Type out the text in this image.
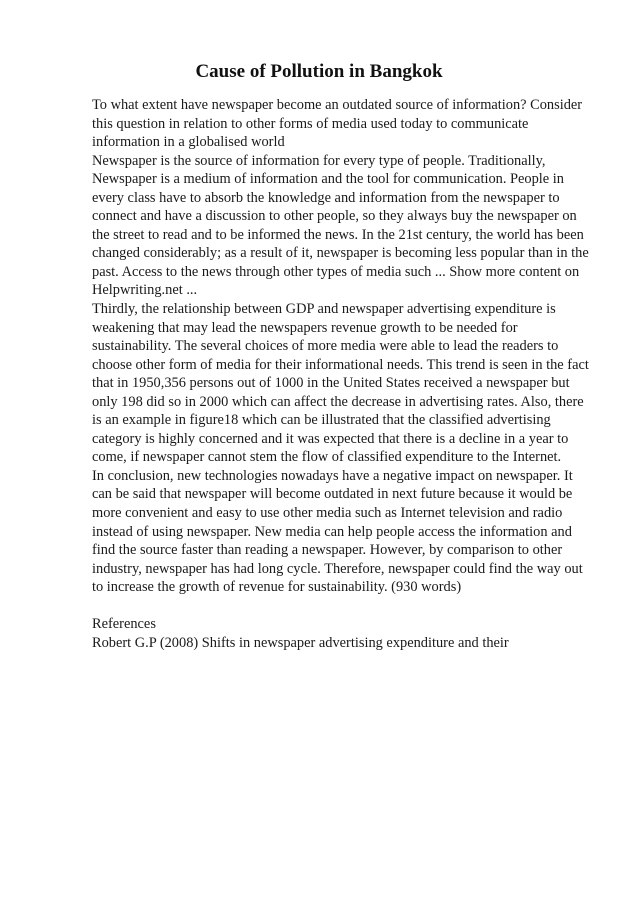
Cause of Pollution in Bangkok

To what extent have newspaper become an outdated source of information? Consider this question in relation to other forms of media used today to communicate information in a globalised world

Newspaper is the source of information for every type of people. Traditionally, Newspaper is a medium of information and the tool for communication. People in every class have to absorb the knowledge and information from the newspaper to connect and have a discussion to other people, so they always buy the newspaper on the street to read and to be informed the news. In the 21st century, the world has been changed considerably; as a result of it, newspaper is becoming less popular than in the past. Access to the news through other types of media such ... Show more content on Helpwriting.net ...

Thirdly, the relationship between GDP and newspaper advertising expenditure is weakening that may lead the newspapers revenue growth to be needed for sustainability. The several choices of more media were able to lead the readers to choose other form of media for their informational needs. This trend is seen in the fact that in 1950,356 persons out of 1000 in the United States received a newspaper but only 198 did so in 2000 which can affect the decrease in advertising rates. Also, there is an example in figure18 which can be illustrated that the classified advertising category is highly concerned and it was expected that there is a decline in a year to come, if newspaper cannot stem the flow of classified expenditure to the Internet.

In conclusion, new technologies nowadays have a negative impact on newspaper. It can be said that newspaper will become outdated in next future because it would be more convenient and easy to use other media such as Internet television and radio instead of using newspaper. New media can help people access the information and find the source faster than reading a newspaper. However, by comparison to other industry, newspaper has had long cycle. Therefore, newspaper could find the way out to increase the growth of revenue for sustainability. (930 words)

References

Robert G.P (2008) Shifts in newspaper advertising expenditure and their
